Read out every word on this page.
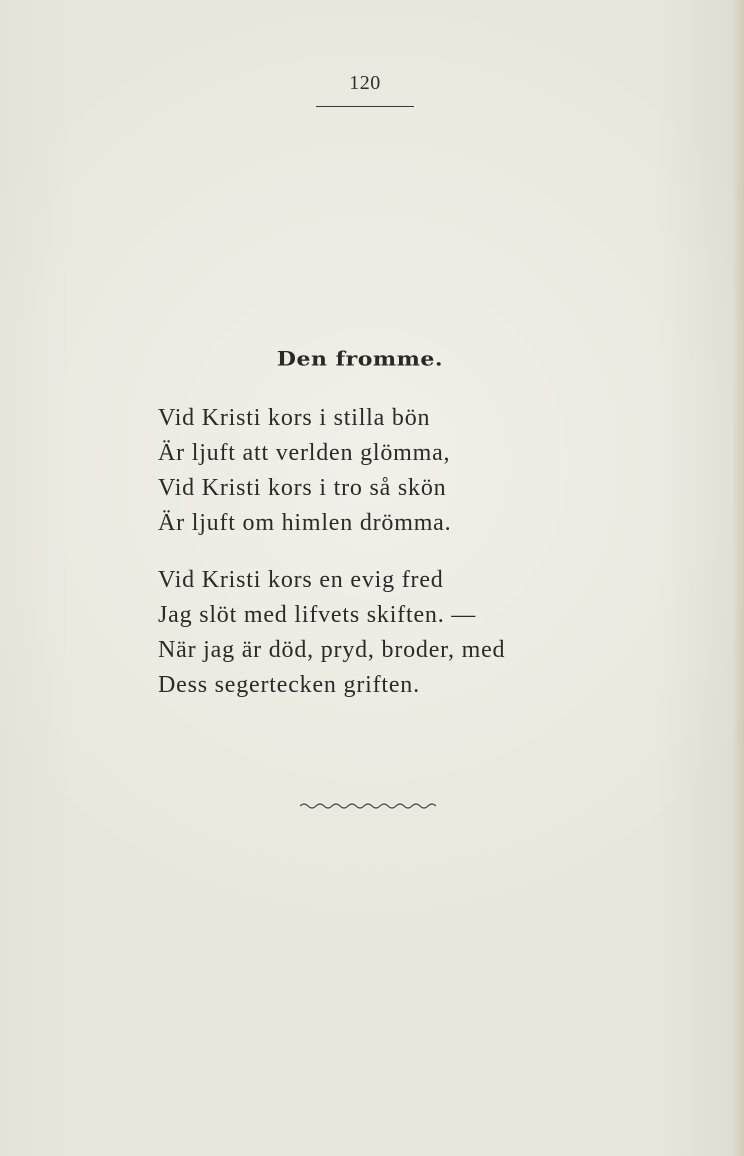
120
Den fromme.

Vid Kristi kors i stilla bön
Är ljuft att verlden glömma,
Vid Kristi kors i tro så skön
Är ljuft om himlen drömma.

Vid Kristi kors en evig fred
Jag slöt med lifvets skiften. —
När jag är död, pryd, broder, med
Dess segertecken griften.
